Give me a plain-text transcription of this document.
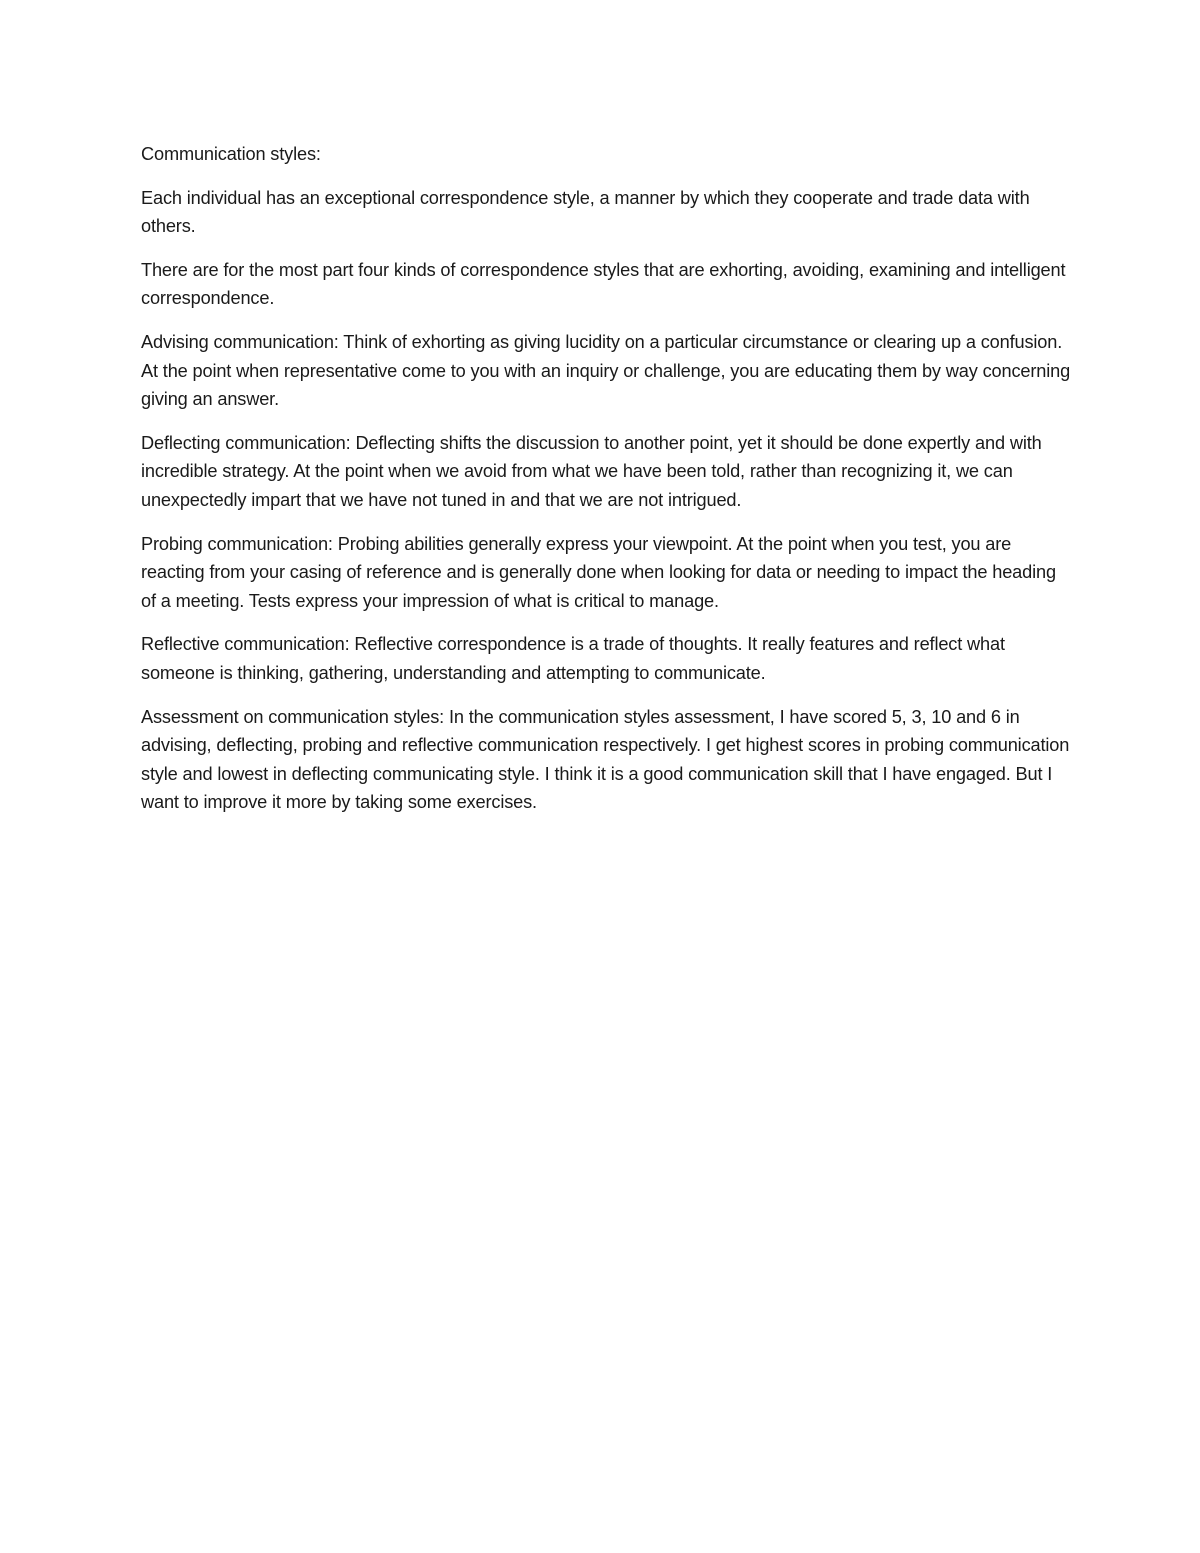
Communication styles:

Each individual has an exceptional correspondence style, a manner by which they cooperate and trade data with others.

There are for the most part four kinds of correspondence styles that are exhorting, avoiding, examining and intelligent correspondence.

Advising communication: Think of exhorting as giving lucidity on a particular circumstance or clearing up a confusion. At the point when representative come to you with an inquiry or challenge, you are educating them by way concerning giving an answer.

Deflecting communication: Deflecting shifts the discussion to another point, yet it should be done expertly and with incredible strategy. At the point when we avoid from what we have been told, rather than recognizing it, we can unexpectedly impart that we have not tuned in and that we are not intrigued.

Probing communication: Probing abilities generally express your viewpoint. At the point when you test, you are reacting from your casing of reference and is generally done when looking for data or needing to impact the heading of a meeting. Tests express your impression of what is critical to manage.

Reflective communication: Reflective correspondence is a trade of thoughts. It really features and reflect what someone is thinking, gathering, understanding and attempting to communicate.

Assessment on communication styles: In the communication styles assessment, I have scored 5, 3, 10 and 6 in advising, deflecting, probing and reflective communication respectively. I get highest scores in probing communication style and lowest in deflecting communicating style. I think it is a good communication skill that I have engaged. But I want to improve it more by taking some exercises.
